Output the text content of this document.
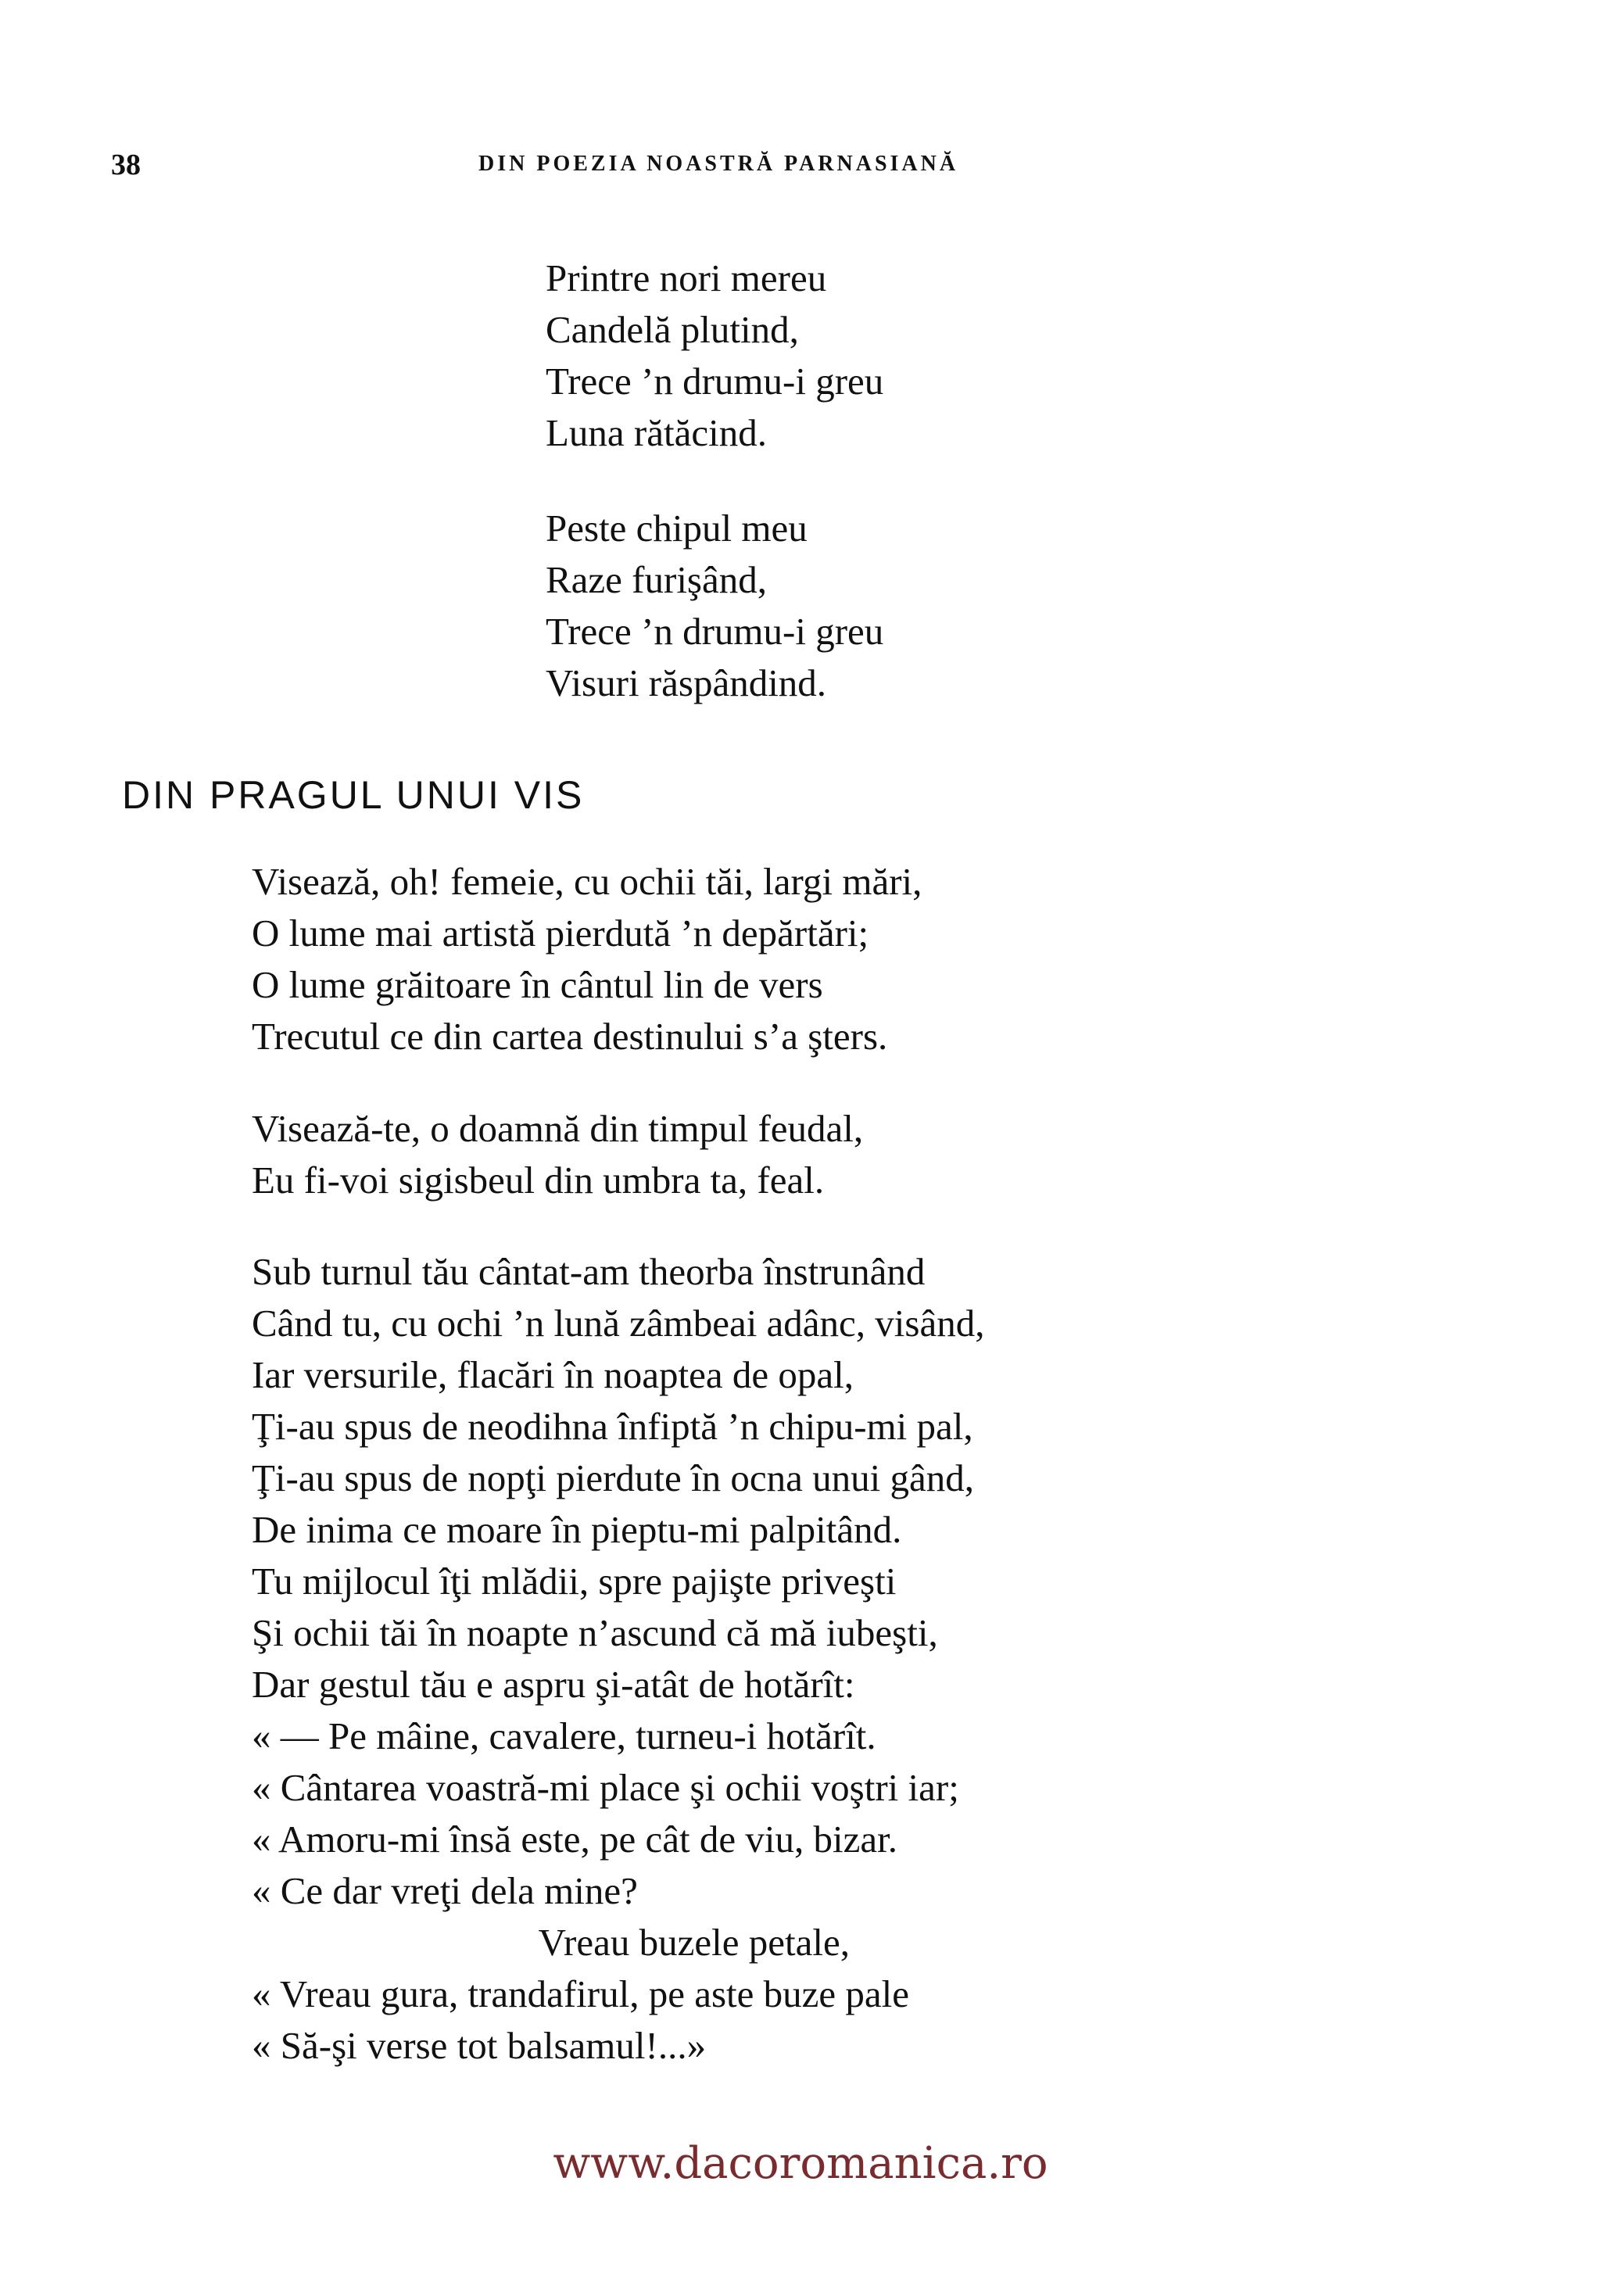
38	DIN POEZIA NOASTRĂ PARNASIANĂ
Printre nori mereu
Candelă plutind,
Trece ’n drumu-i greu
Luna rătăcind.
Peste chipul meu
Raze furişând,
Trece ’n drumu-i greu
Visuri răspândind.
DIN PRAGUL UNUI VIS
Visează, oh! femeie, cu ochii tăi, largi mări,
O lume mai artistă pierdută ’n depărtări;
O lume grăitoare în cântul lin de vers
Trecutul ce din cartea destinului s’a şters.
Visează-te, o doamnă din timpul feudal,
Eu fi-voi sigisbeul din umbra ta, feal.
Sub turnul tău cântat-am theorba înstrunând
Când tu, cu ochi ’n lună zâmbeai adânc, visând,
Iar versurile, flacări în noaptea de opal,
Ţi-au spus de neodihna înfiptă ’n chipu-mi pal,
Ţi-au spus de nopţi pierdute în ocna unui gând,
De inima ce moare în pieptu-mi palpitând.
Tu mijlocul îţi mlădii, spre pajişte priveşti
Şi ochii tăi în noapte n’ascund că mă iubeşti,
Dar gestul tău e aspru şi-atât de hotărît:
« — Pe mâine, cavalere, turneu-i hotărît.
« Cântarea voastră-mi place şi ochii voştri iar;
« Amoru-mi însă este, pe cât de viu, bizar.
« Ce dar vreţi dela mine?
Vreau buzele petale,
« Vreau gura, trandafirul, pe aste buze pale
« Să-şi verse tot balsamul!...»
www.dacoromanica.ro
